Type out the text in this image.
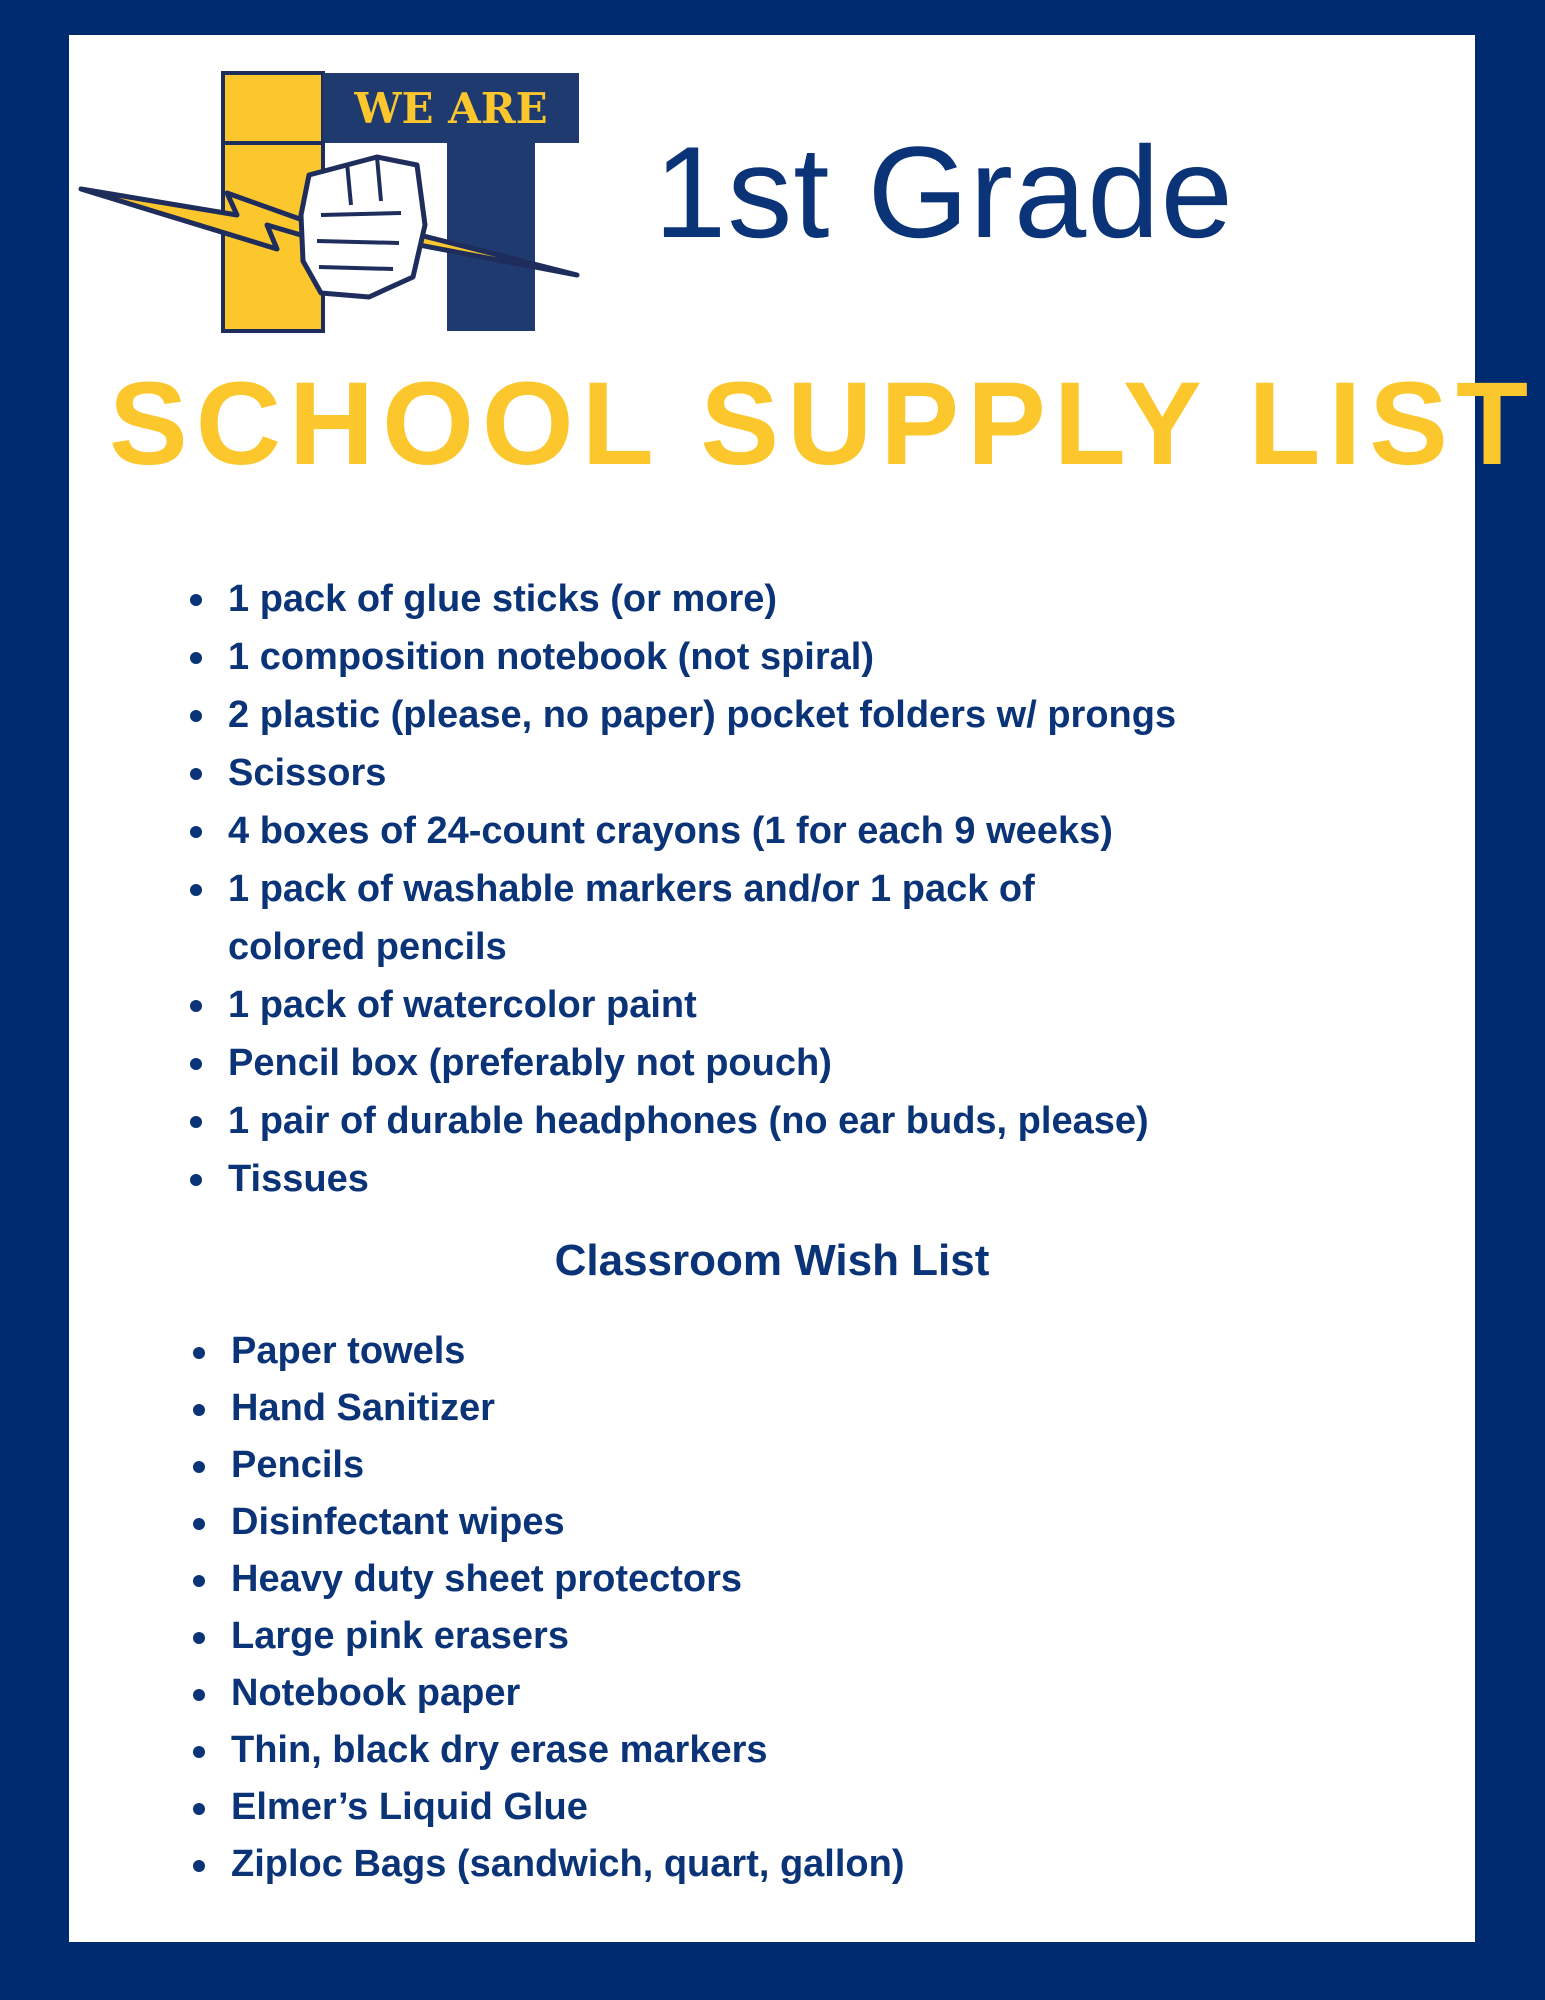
WE ARE
1st Grade
SCHOOL SUPPLY LIST
1 pack of glue sticks (or more)
1 composition notebook (not spiral)
2 plastic (please, no paper) pocket folders w/ prongs
Scissors
4 boxes of 24-count crayons (1 for each 9 weeks)
1 pack of washable markers and/or 1 pack of colored pencils
1 pack of watercolor paint
Pencil box (preferably not pouch)
1 pair of durable headphones (no ear buds, please)
Tissues
Classroom Wish List
Paper towels
Hand Sanitizer
Pencils
Disinfectant wipes
Heavy duty sheet protectors
Large pink erasers
Notebook paper
Thin, black dry erase markers
Elmer’s Liquid Glue
Ziploc Bags (sandwich, quart, gallon)
